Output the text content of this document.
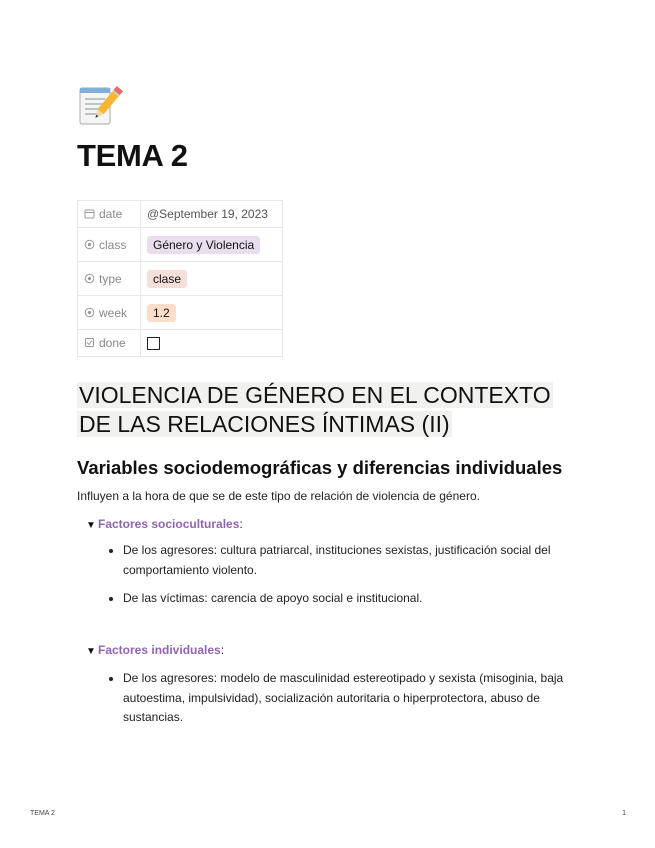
TEMA 2
date	@September 19, 2023
class	Género y Violencia
type	clase
week	1.2
done	
VIOLENCIA DE GÉNERO EN EL CONTEXTO
DE LAS RELACIONES ÍNTIMAS (II)
Variables sociodemográficas y diferencias individuales

Influyen a la hora de que se de este tipo de relación de violencia de género.

▼ Factores socioculturales:
• De los agresores: cultura patriarcal, instituciones sexistas, justificación social del comportamiento violento.
• De las víctimas: carencia de apoyo social e institucional.
▼ Factores individuales:
• De los agresores: modelo de masculinidad estereotipado y sexista (misoginia, baja autoestima, impulsividad), socialización autoritaria o hiperprotectora, abuso de sustancias.
TEMA 2	1
